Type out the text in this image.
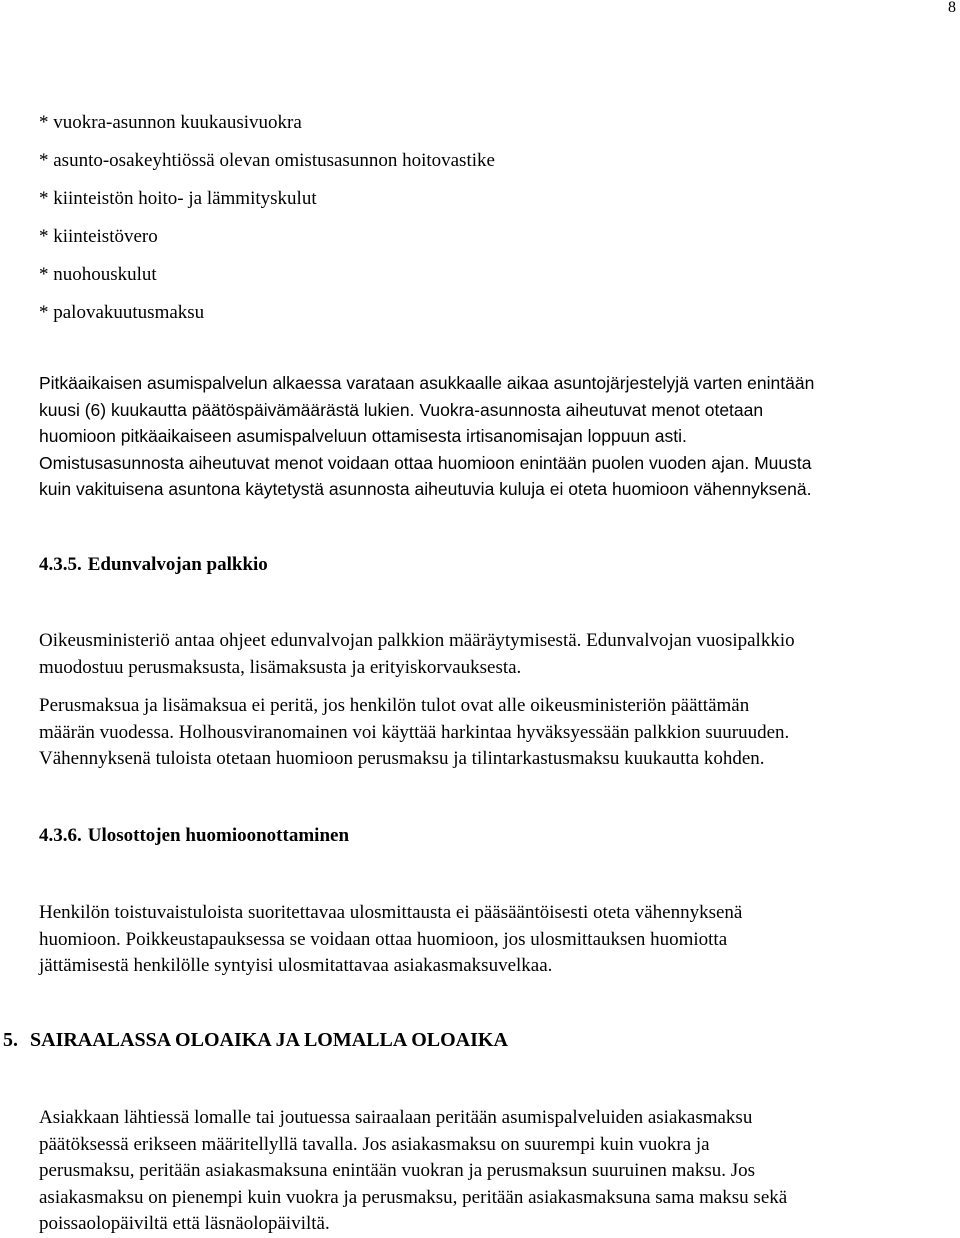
8
* vuokra-asunnon kuukausivuokra
* asunto-osakeyhtiössä olevan omistusasunnon hoitovastike
* kiinteistön hoito- ja lämmityskulut
* kiinteistövero
* nuohouskulut
* palovakuutusmaksu

Pitkäaikaisen asumispalvelun alkaessa varataan asukkaalle aikaa asuntojärjestelyjä varten enintään
kuusi (6) kuukautta päätöspäivämäärästä lukien. Vuokra-asunnosta aiheutuvat menot otetaan
huomioon pitkäaikaiseen asumispalveluun ottamisesta irtisanomisajan loppuun asti.
Omistusasunnosta aiheutuvat menot voidaan ottaa huomioon enintään puolen vuoden ajan. Muusta
kuin vakituisena asuntona käytetystä asunnosta aiheutuvia kuluja ei oteta huomioon vähennyksenä.

4.3.5. Edunvalvojan palkkio

Oikeusministeriö antaa ohjeet edunvalvojan palkkion määräytymisestä. Edunvalvojan vuosipalkkio
muodostuu perusmaksusta, lisämaksusta ja erityiskorvauksesta.

Perusmaksua ja lisämaksua ei peritä, jos henkilön tulot ovat alle oikeusministeriön päättämän
määrän vuodessa. Holhousviranomainen voi käyttää harkintaa hyväksyessään palkkion suuruuden.
Vähennyksenä tuloista otetaan huomioon perusmaksu ja tilintarkastusmaksu kuukautta kohden.

4.3.6. Ulosottojen huomioonottaminen

Henkilön toistuvaistuloista suoritettavaa ulosmittausta ei pääsääntöisesti oteta vähennyksenä
huomioon. Poikkeustapauksessa se voidaan ottaa huomioon, jos ulosmittauksen huomiotta
jättämisestä henkilölle syntyisi ulosmitattavaa asiakasmaksuvelkaa.

5. SAIRAALASSA OLOAIKA JA LOMALLA OLOAIKA

Asiakkaan lähtiessä lomalle tai joutuessa sairaalaan peritään asumispalveluiden asiakasmaksu
päätöksessä erikseen määritellyllä tavalla. Jos asiakasmaksu on suurempi kuin vuokra ja
perusmaksu, peritään asiakasmaksuna enintään vuokran ja perusmaksun suuruinen maksu. Jos
asiakasmaksu on pienempi kuin vuokra ja perusmaksu, peritään asiakasmaksuna sama maksu sekä
poissaolopäiviltä että läsnäolopäiviltä.
